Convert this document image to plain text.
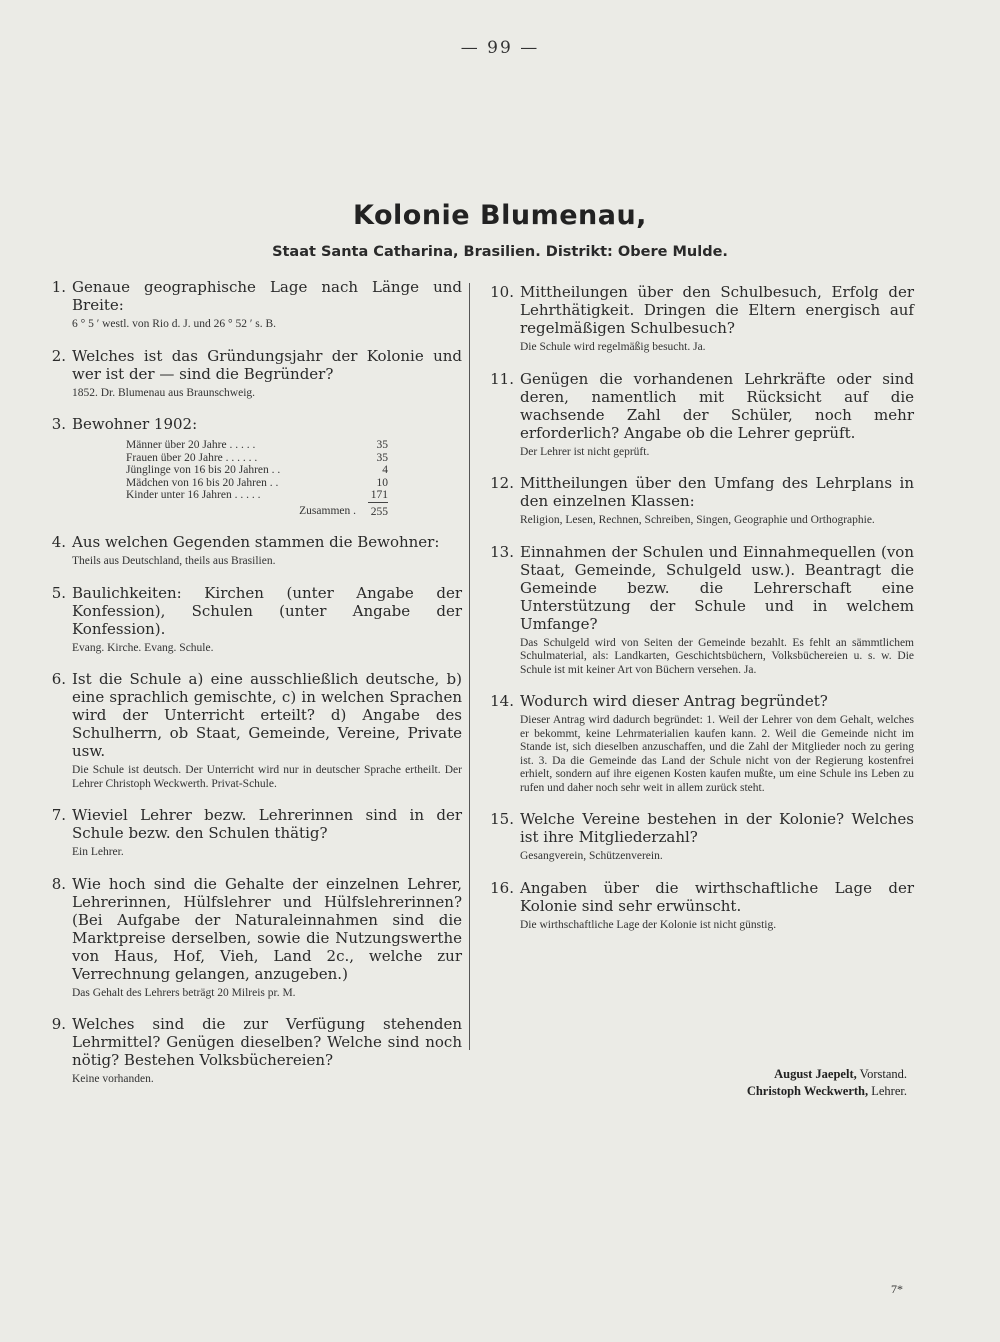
— 99 —
Kolonie Blumenau,
Staat Santa Catharina, Brasilien. Distrikt: Obere Mulde.
1. Genaue geographische Lage nach Länge und Breite:
6 ° 5 ′ westl. von Rio d. J. und 26 ° 52 ′ s. B.
2. Welches ist das Gründungsjahr der Kolonie und wer ist der — sind die Begründer?
1852. Dr. Blumenau aus Braunschweig.
3. Bewohner 1902:
Männer über 20 Jahre . . . . .	35
Frauen über 20 Jahre . . . . . .	35
Jünglinge von 16 bis 20 Jahren . .	4
Mädchen von 16 bis 20 Jahren . .	10
Kinder unter 16 Jahren . . . . .	171
Zusammen .	255
4. Aus welchen Gegenden stammen die Bewohner:
Theils aus Deutschland, theils aus Brasilien.
5. Baulichkeiten: Kirchen (unter Angabe der Konfession), Schulen (unter Angabe der Konfession).
Evang. Kirche. Evang. Schule.
6. Ist die Schule a) eine ausschließlich deutsche, b) eine sprachlich gemischte, c) in welchen Sprachen wird der Unterricht erteilt? d) Angabe des Schulherrn, ob Staat, Gemeinde, Vereine, Private usw.
Die Schule ist deutsch. Der Unterricht wird nur in deutscher Sprache ertheilt. Der Lehrer Christoph Weckwerth. Privat-Schule.
7. Wieviel Lehrer bezw. Lehrerinnen sind in der Schule bezw. den Schulen thätig?
Ein Lehrer.
8. Wie hoch sind die Gehalte der einzelnen Lehrer, Lehrerinnen, Hülfslehrer und Hülfslehrerinnen? (Bei Aufgabe der Naturaleinnahmen sind die Marktpreise derselben, sowie die Nutzungswerthe von Haus, Hof, Vieh, Land 2c., welche zur Verrechnung gelangen, anzugeben.)
Das Gehalt des Lehrers beträgt 20 Milreis pr. M.
9. Welches sind die zur Verfügung stehenden Lehrmittel? Genügen dieselben? Welche sind noch nötig? Bestehen Volksbüchereien?
Keine vorhanden.
10. Mittheilungen über den Schulbesuch, Erfolg der Lehrthätigkeit. Dringen die Eltern energisch auf regelmäßigen Schulbesuch?
Die Schule wird regelmäßig besucht. Ja.
11. Genügen die vorhandenen Lehrkräfte oder sind deren, namentlich mit Rücksicht auf die wachsende Zahl der Schüler, noch mehr erforderlich? Angabe ob die Lehrer geprüft.
Der Lehrer ist nicht geprüft.
12. Mittheilungen über den Umfang des Lehrplans in den einzelnen Klassen:
Religion, Lesen, Rechnen, Schreiben, Singen, Geographie und Orthographie.
13. Einnahmen der Schulen und Einnahmequellen (von Staat, Gemeinde, Schulgeld usw.). Beantragt die Gemeinde bezw. die Lehrerschaft eine Unterstützung der Schule und in welchem Umfange?
Das Schulgeld wird von Seiten der Gemeinde bezahlt. Es fehlt an sämmtlichem Schulmaterial, als: Landkarten, Geschichtsbüchern, Volksbüchereien u. s. w. Die Schule ist mit keiner Art von Büchern versehen. Ja.
14. Wodurch wird dieser Antrag begründet?
Dieser Antrag wird dadurch begründet: 1. Weil der Lehrer von dem Gehalt, welches er bekommt, keine Lehrmaterialien kaufen kann. 2. Weil die Gemeinde nicht im Stande ist, sich dieselben anzuschaffen, und die Zahl der Mitglieder noch zu gering ist. 3. Da die Gemeinde das Land der Schule nicht von der Regierung kostenfrei erhielt, sondern auf ihre eigenen Kosten kaufen mußte, um eine Schule ins Leben zu rufen und daher noch sehr weit in allem zurück steht.
15. Welche Vereine bestehen in der Kolonie? Welches ist ihre Mitgliederzahl?
Gesangverein, Schützenverein.
16. Angaben über die wirthschaftliche Lage der Kolonie sind sehr erwünscht.
Die wirthschaftliche Lage der Kolonie ist nicht günstig.
August Jaepelt, Vorstand.
Christoph Weckwerth, Lehrer.
7*
